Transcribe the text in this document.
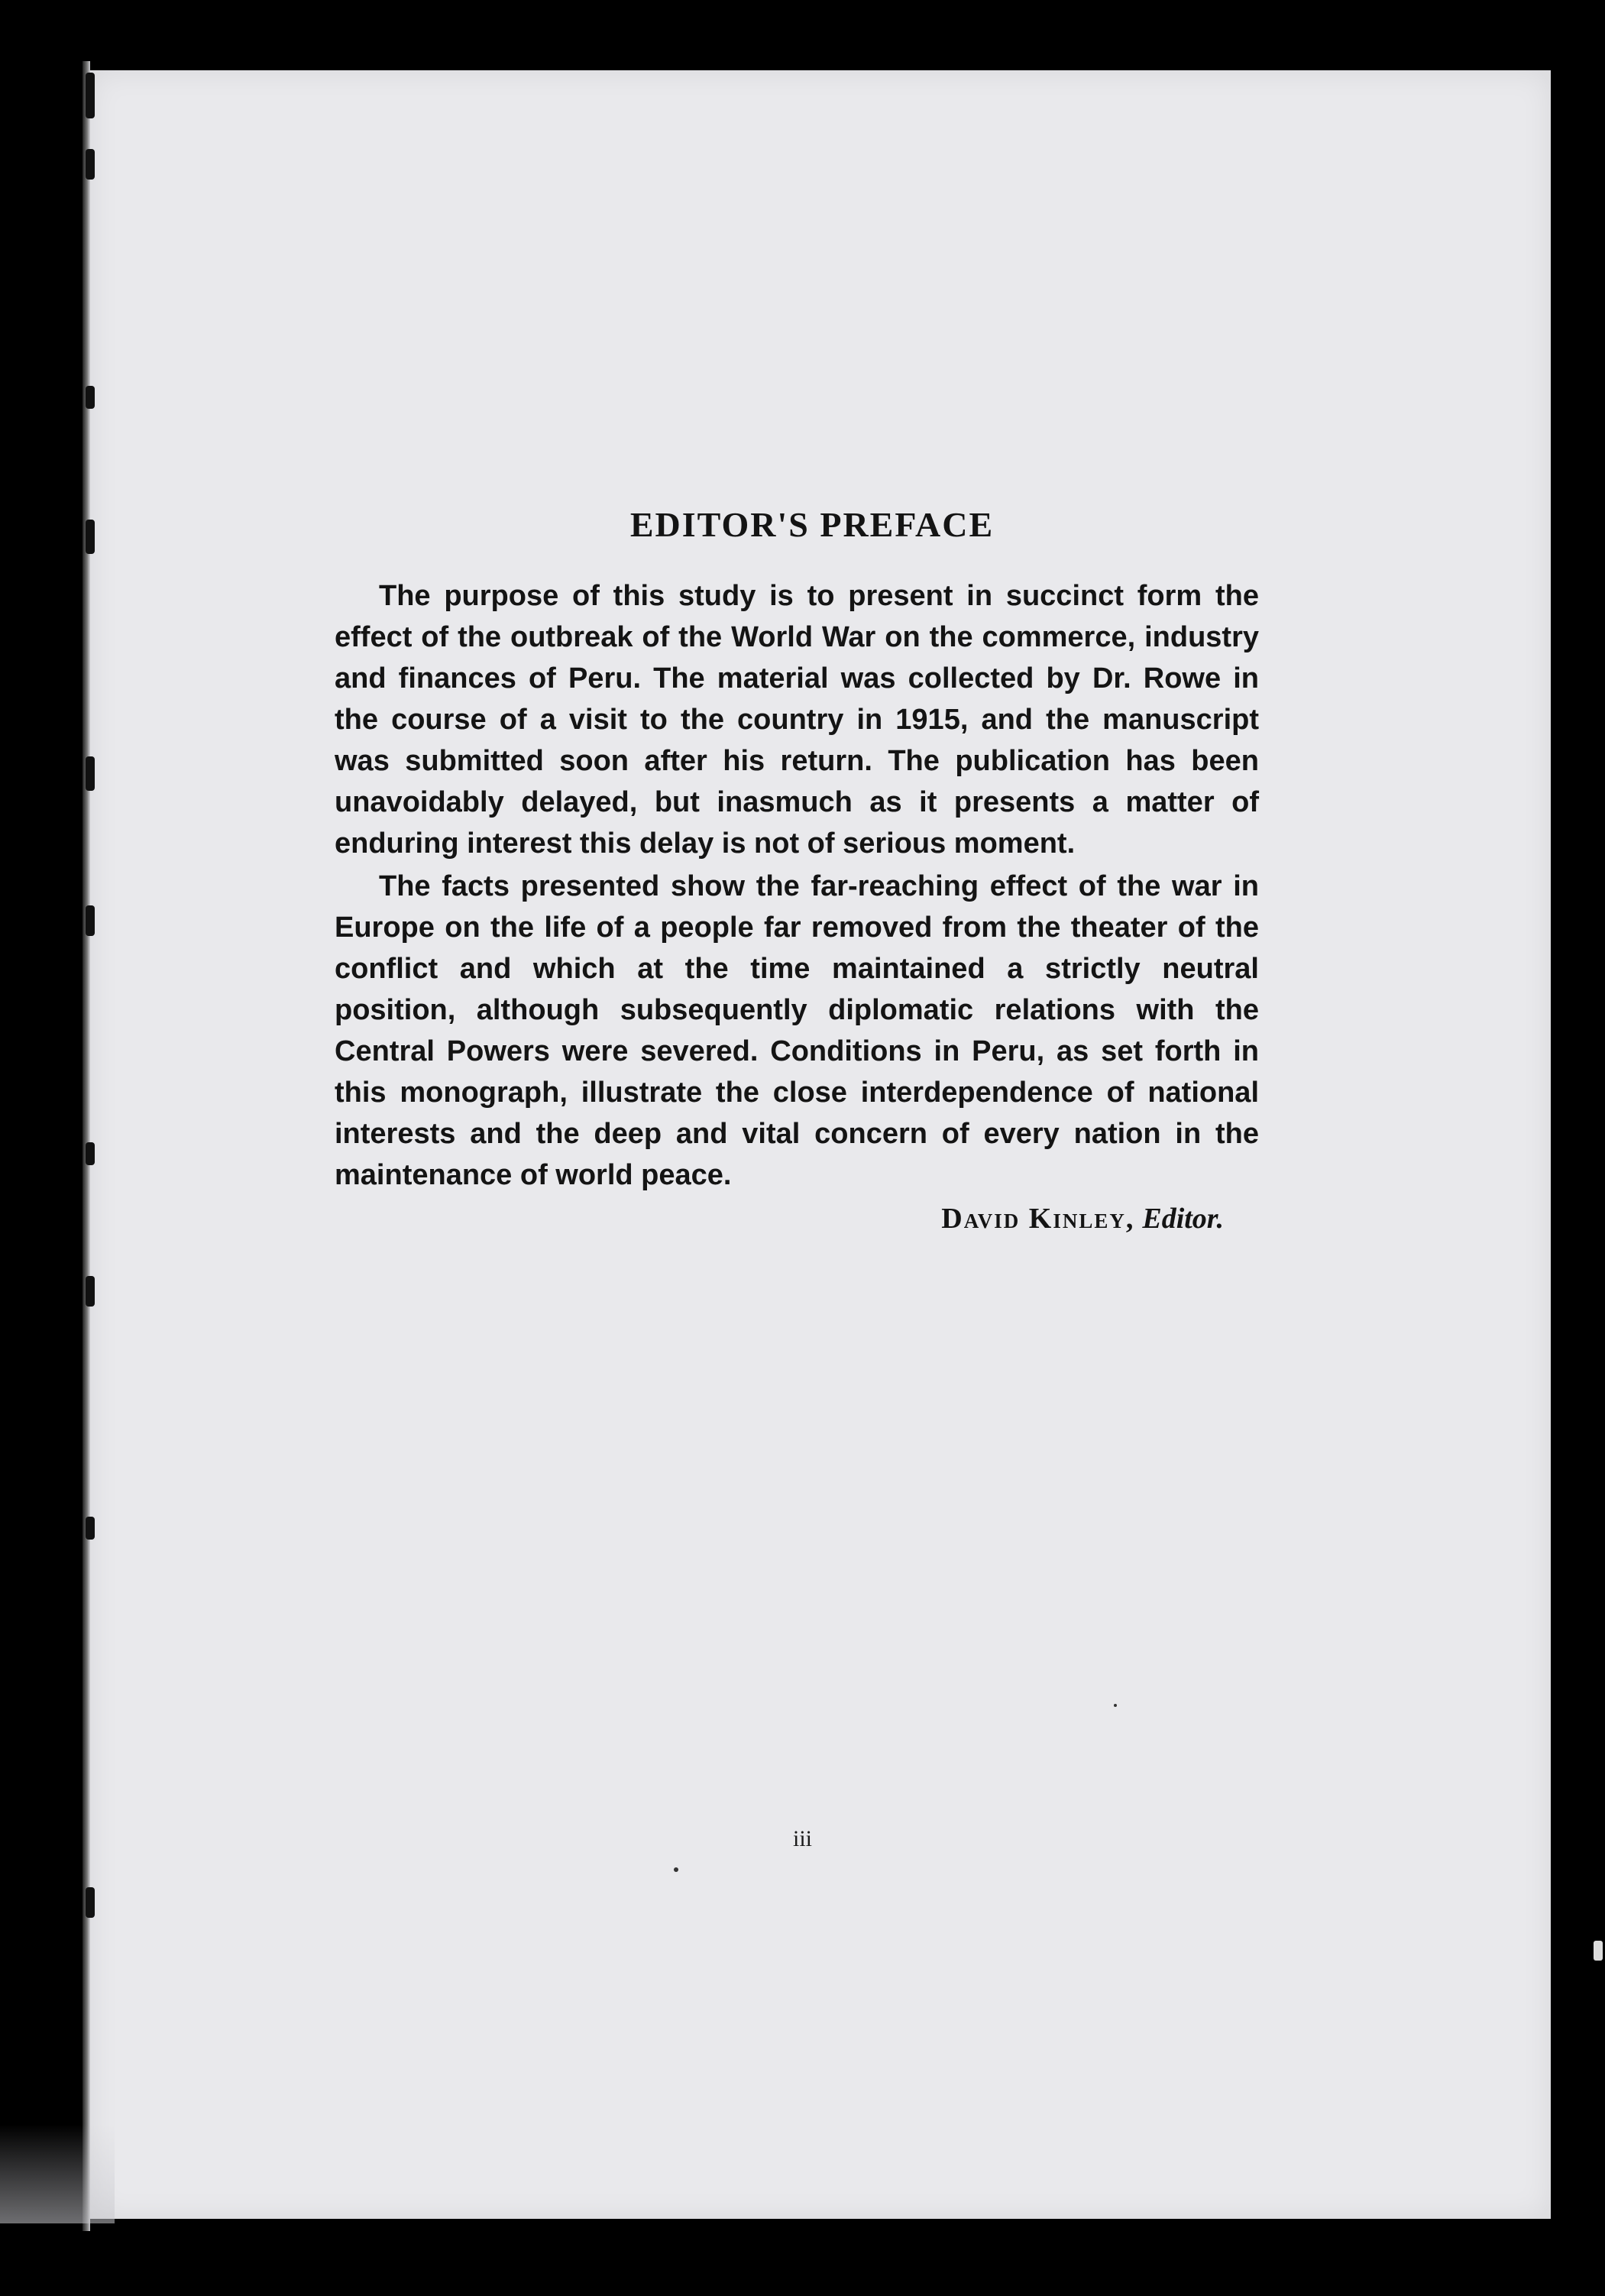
EDITOR'S PREFACE

The purpose of this study is to present in succinct form the effect of the outbreak of the World War on the commerce, industry and finances of Peru. The material was collected by Dr. Rowe in the course of a visit to the country in 1915, and the manuscript was submitted soon after his return. The publication has been unavoidably delayed, but inasmuch as it presents a matter of enduring interest this delay is not of serious moment.

The facts presented show the far-reaching effect of the war in Europe on the life of a people far removed from the theater of the conflict and which at the time maintained a strictly neutral position, although subsequently diplomatic relations with the Central Powers were severed. Conditions in Peru, as set forth in this monograph, illustrate the close interdependence of national interests and the deep and vital concern of every nation in the maintenance of world peace.

David Kinley, Editor.
iii
